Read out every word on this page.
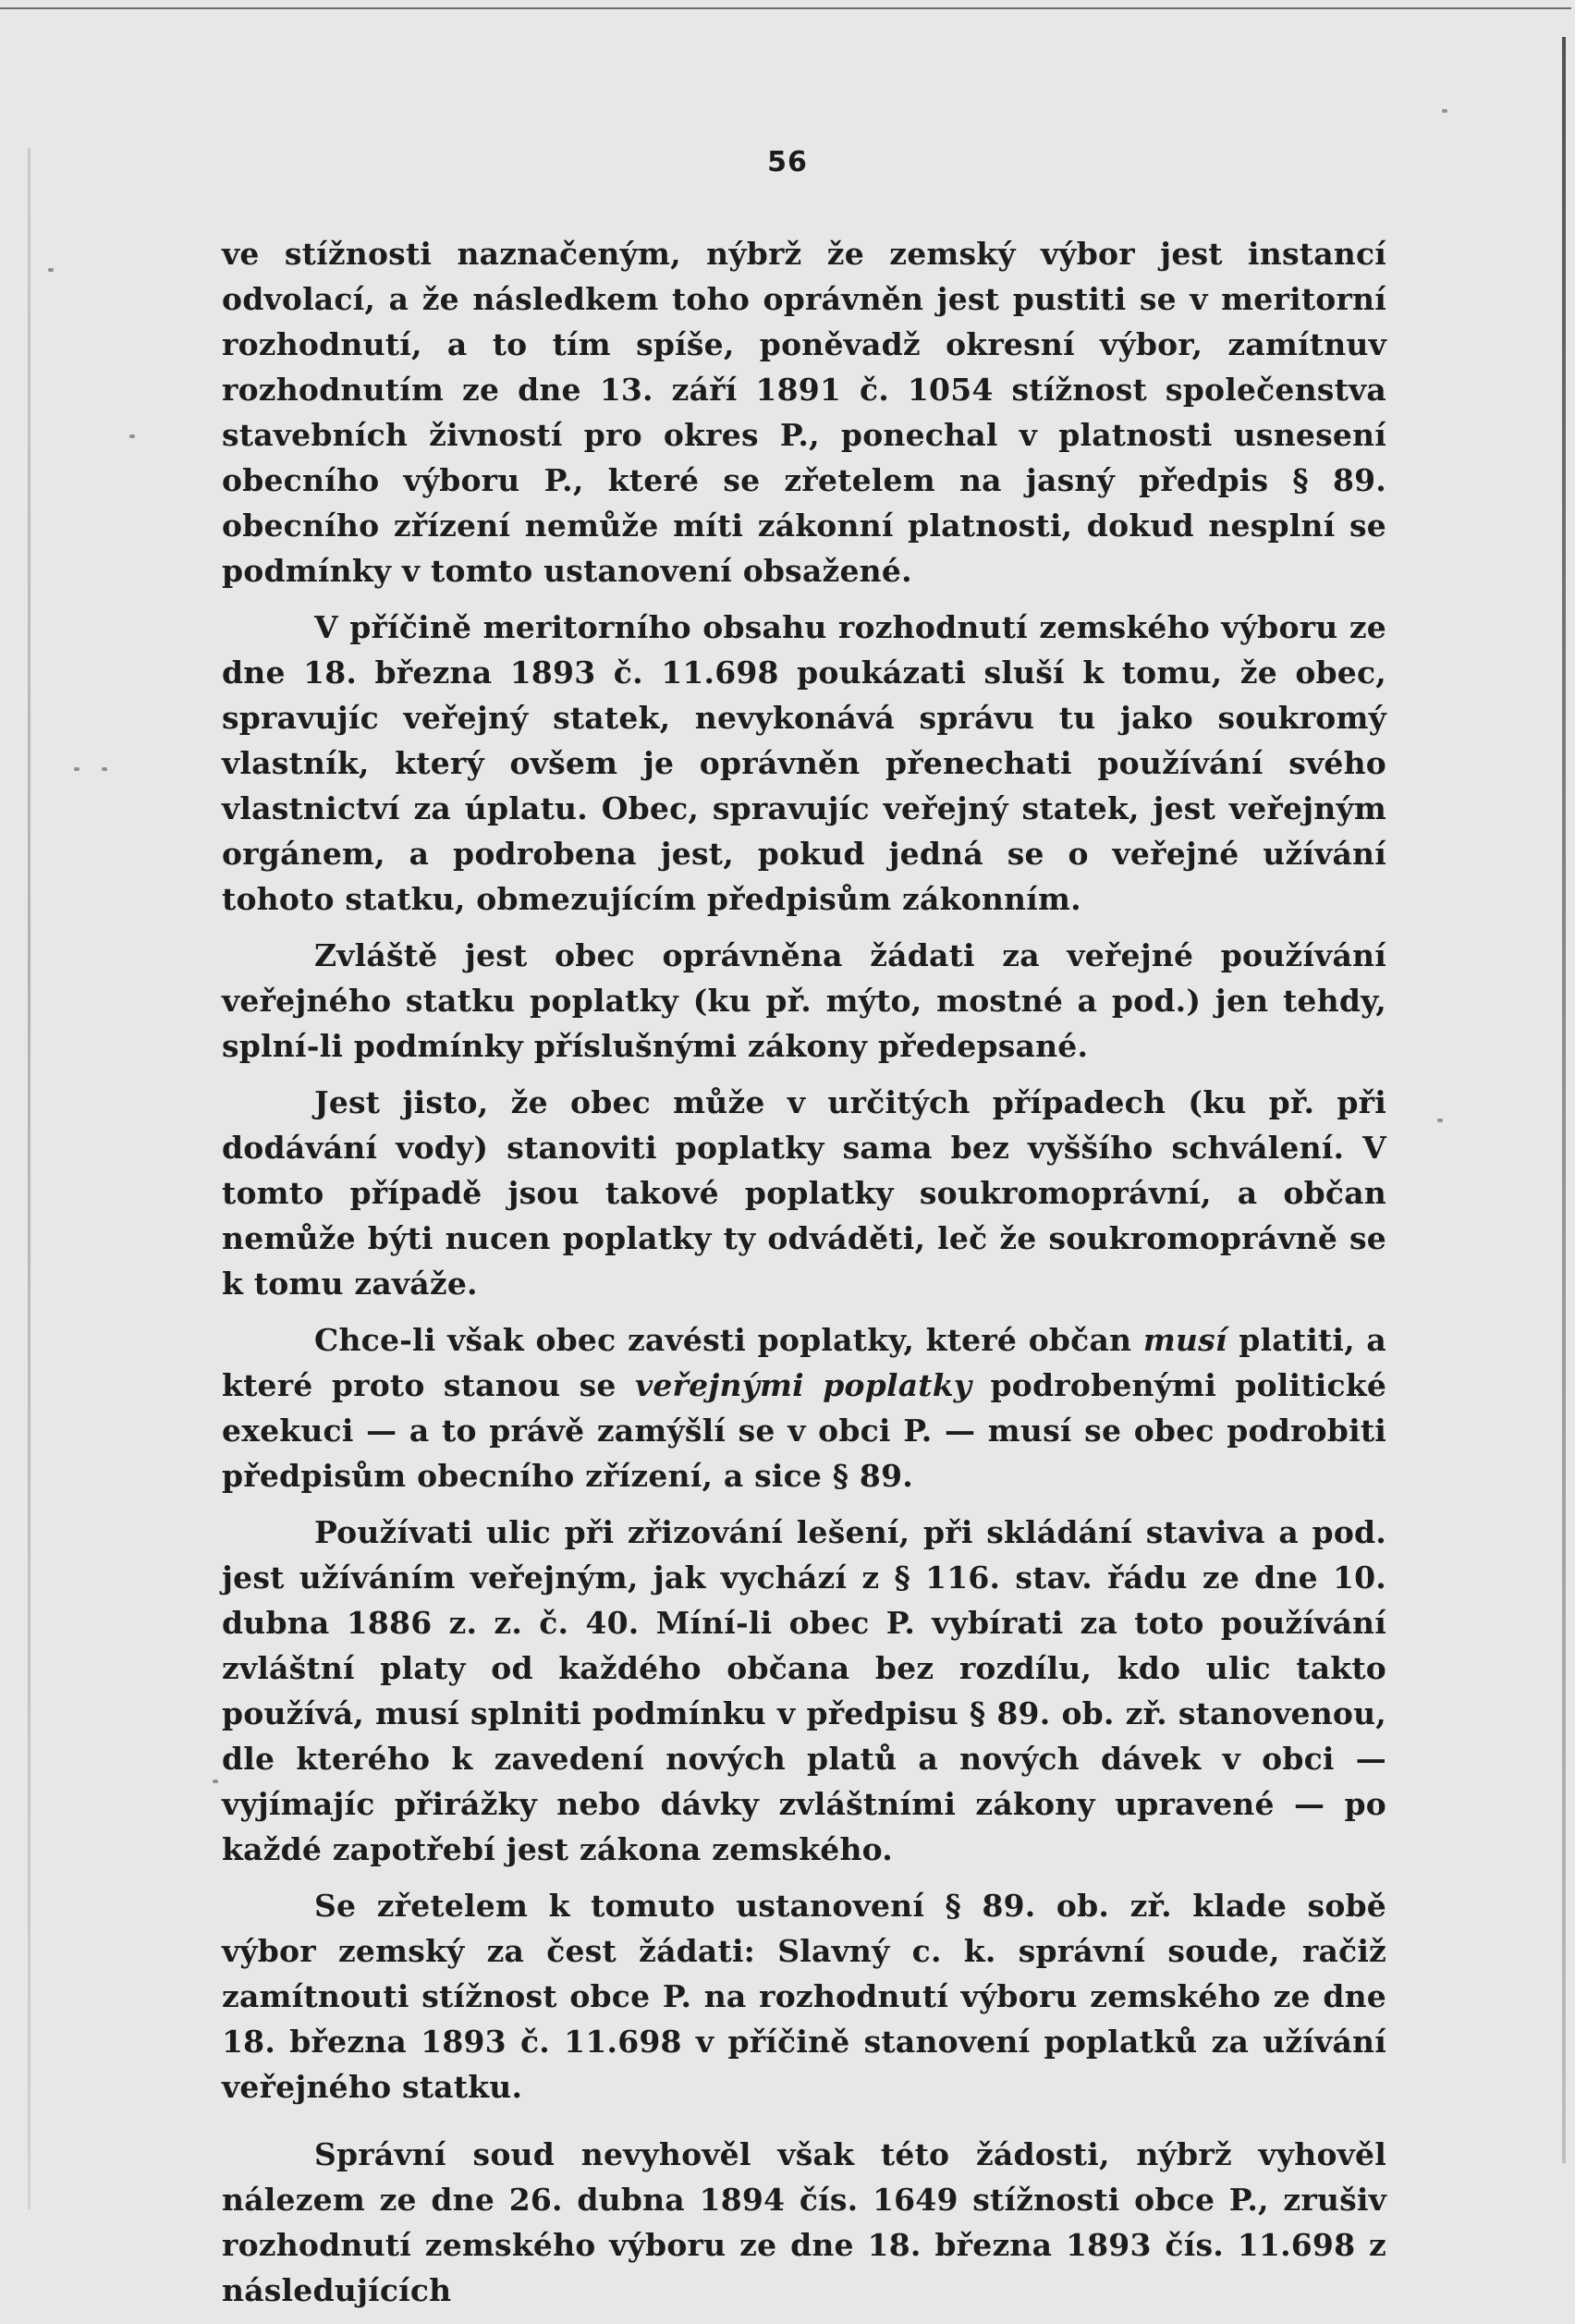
56

ve stížnosti naznačeným, nýbrž že zemský výbor jest instancí odvolací, a že následkem toho oprávněn jest pustiti se v meritorní rozhodnutí, a to tím spíše, poněvadž okresní výbor, zamítnuv rozhodnutím ze dne 13. září 1891 č. 1054 stížnost společenstva stavebních živností pro okres P., ponechal v platnosti usnesení obecního výboru P., které se zřetelem na jasný předpis § 89. obecního zřízení nemůže míti zákonní platnosti, dokud nesplní se podmínky v tomto ustanovení obsažené.

V příčině meritorního obsahu rozhodnutí zemského výboru ze dne 18. března 1893 č. 11.698 poukázati sluší k tomu, že obec, spravujíc veřejný statek, nevykonává správu tu jako soukromý vlastník, který ovšem je oprávněn přenechati používání svého vlastnictví za úplatu. Obec, spravujíc veřejný statek, jest veřejným orgánem, a podrobena jest, pokud jedná se o veřejné užívání tohoto statku, obmezujícím předpisům zákonním.

Zvláště jest obec oprávněna žádati za veřejné používání veřejného statku poplatky (ku př. mýto, mostné a pod.) jen tehdy, splní-li podmínky příslušnými zákony předepsané.

Jest jisto, že obec může v určitých případech (ku př. při dodávání vody) stanoviti poplatky sama bez vyššího schválení. V tomto případě jsou takové poplatky soukromoprávní, a občan nemůže býti nucen poplatky ty odváděti, leč že soukromoprávně se k tomu zaváže.

Chce-li však obec zavésti poplatky, které občan musí platiti, a které proto stanou se veřejnými poplatky podrobenými politické exekuci — a to právě zamýšlí se v obci P. — musí se obec podrobiti předpisům obecního zřízení, a sice § 89.

Používati ulic při zřizování lešení, při skládání staviva a pod. jest užíváním veřejným, jak vychází z § 116. stav. řádu ze dne 10. dubna 1886 z. z. č. 40. Míní-li obec P. vybírati za toto používání zvláštní platy od každého občana bez rozdílu, kdo ulic takto používá, musí splniti podmínku v předpisu § 89. ob. zř. stanovenou, dle kterého k zavedení nových platů a nových dávek v obci — vyjímajíc přirážky nebo dávky zvláštními zákony upravené — po každé zapotřebí jest zákona zemského.

Se zřetelem k tomuto ustanovení § 89. ob. zř. klade sobě výbor zemský za čest žádati: Slavný c. k. správní soude, račiž zamítnouti stížnost obce P. na rozhodnutí výboru zemského ze dne 18. března 1893 č. 11.698 v příčině stanovení poplatků za užívání veřejného statku.

Správní soud nevyhověl však této žádosti, nýbrž vyhověl nálezem ze dne 26. dubna 1894 čís. 1649 stížnosti obce P., zrušiv rozhodnutí zemského výboru ze dne 18. března 1893 čís. 11.698 z následujících
